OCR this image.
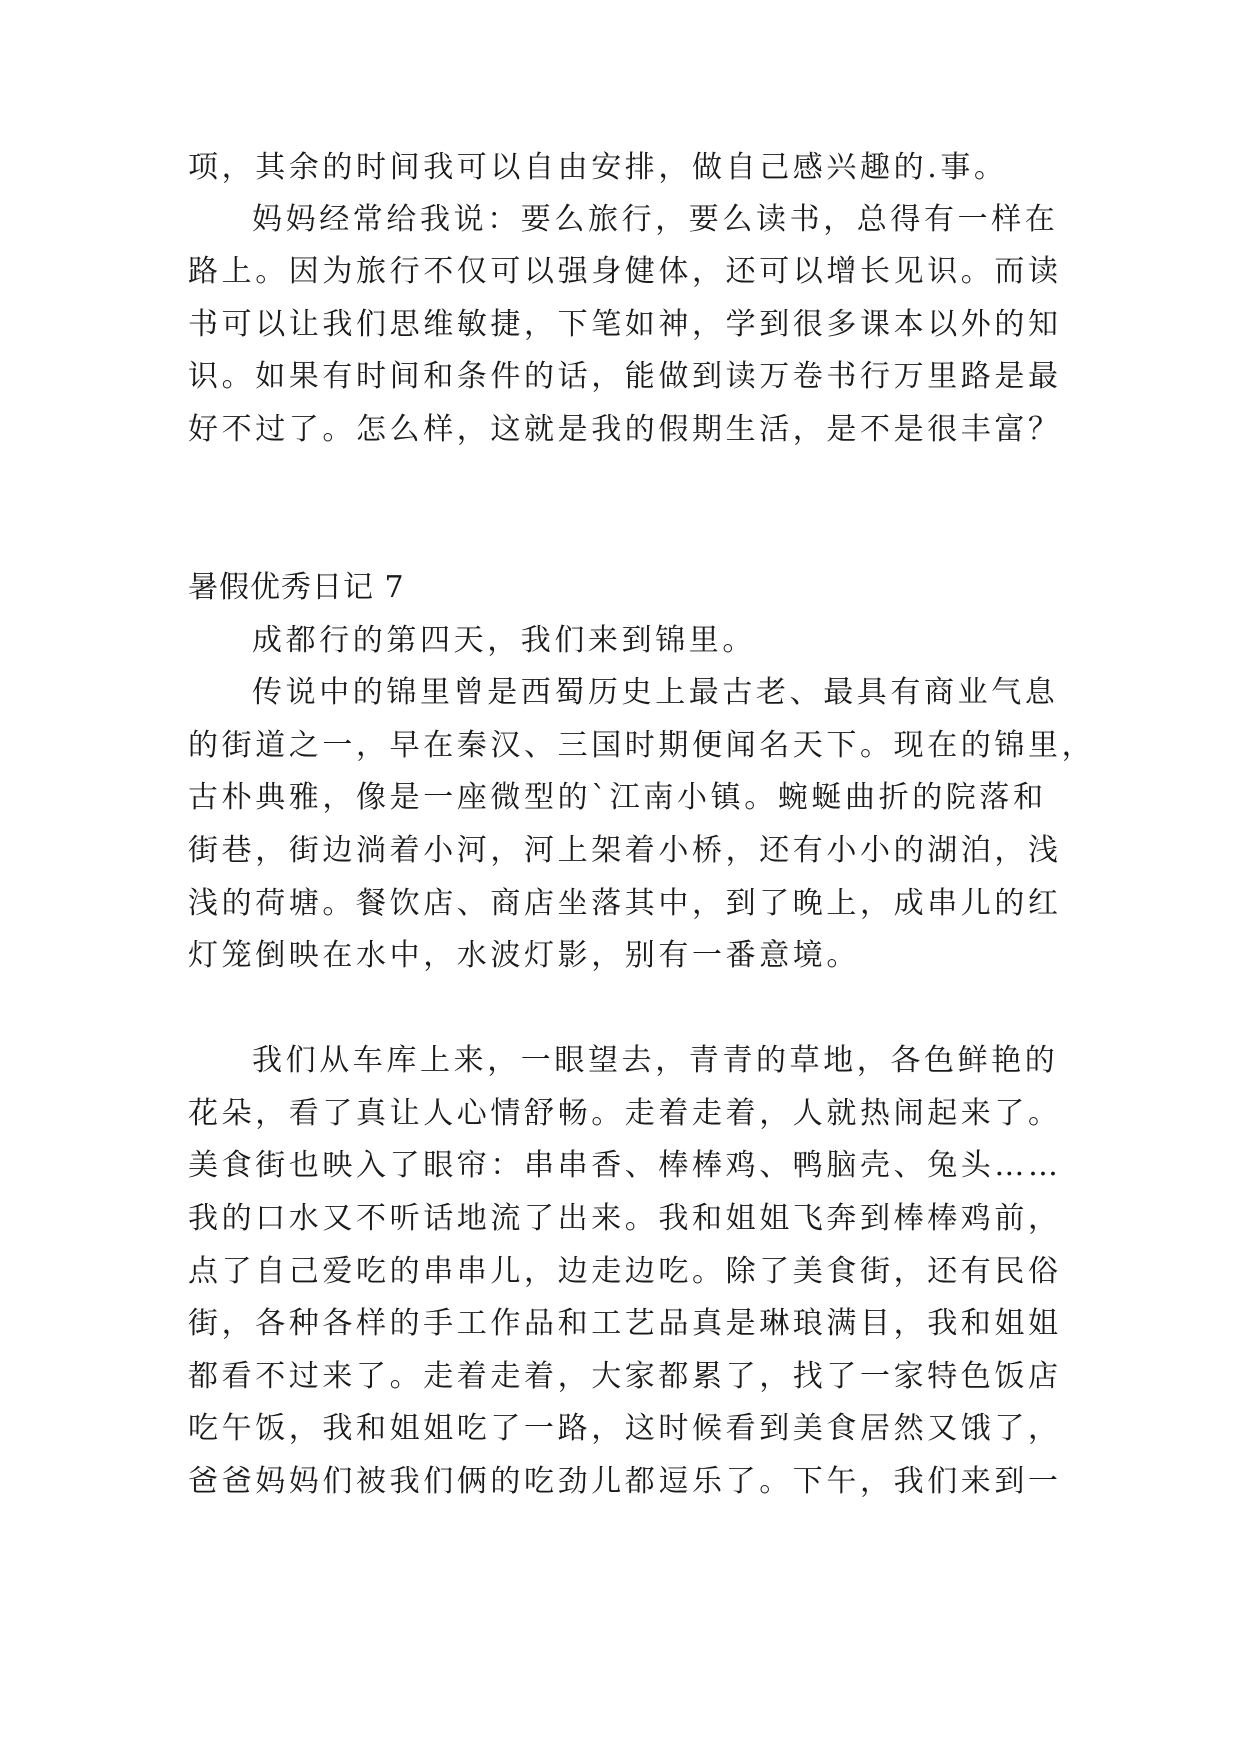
项，其余的时间我可以自由安排，做自己感兴趣的.事。
妈妈经常给我说：要么旅行，要么读书，总得有一样在
路上。因为旅行不仅可以强身健体，还可以增长见识。而读
书可以让我们思维敏捷，下笔如神，学到很多课本以外的知
识。如果有时间和条件的话，能做到读万卷书行万里路是最
好不过了。怎么样，这就是我的假期生活，是不是很丰富？
暑假优秀日记 7
成都行的第四天，我们来到锦里。
传说中的锦里曾是西蜀历史上最古老、最具有商业气息
的街道之一，早在秦汉、三国时期便闻名天下。现在的锦里，
古朴典雅，像是一座微型的`江南小镇。蜿蜒曲折的院落和
街巷，街边淌着小河，河上架着小桥，还有小小的湖泊，浅
浅的荷塘。餐饮店、商店坐落其中，到了晚上，成串儿的红
灯笼倒映在水中，水波灯影，别有一番意境。
我们从车库上来，一眼望去，青青的草地，各色鲜艳的
花朵，看了真让人心情舒畅。走着走着，人就热闹起来了。
美食街也映入了眼帘：串串香、棒棒鸡、鸭脑壳、兔头……
我的口水又不听话地流了出来。我和姐姐飞奔到棒棒鸡前，
点了自己爱吃的串串儿，边走边吃。除了美食街，还有民俗
街，各种各样的手工作品和工艺品真是琳琅满目，我和姐姐
都看不过来了。走着走着，大家都累了，找了一家特色饭店
吃午饭，我和姐姐吃了一路，这时候看到美食居然又饿了，
爸爸妈妈们被我们俩的吃劲儿都逗乐了。下午，我们来到一
